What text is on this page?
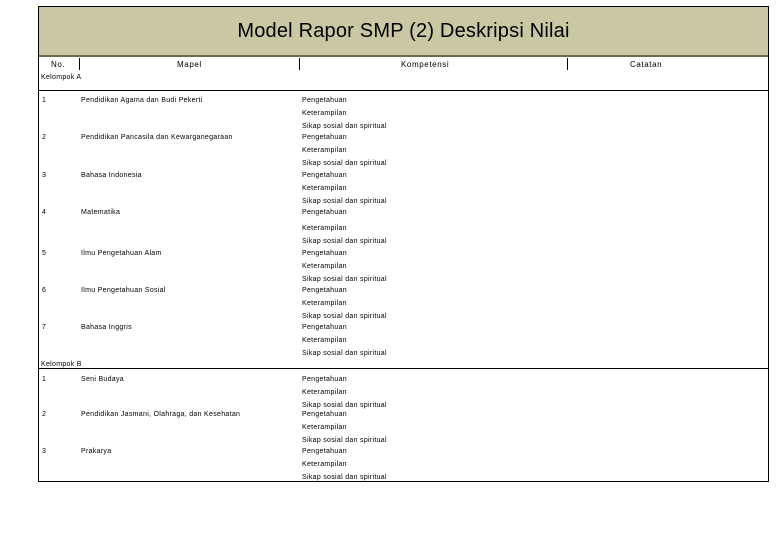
Model Rapor SMP (2) Deskripsi Nilai
No.	Mapel	Kompetensi	Catatan
Kelompok A
1	Pendidikan Agama dan Budi Pekerti	Pengetahuan
Keterampilan
Sikap sosial dan spiritual
2	Pendidikan Pancasila dan Kewarganegaraan	Pengetahuan
Keterampilan
Sikap sosial dan spiritual
3	Bahasa Indonesia	Pengetahuan
Keterampilan
Sikap sosial dan spiritual
4	Matematika	Pengetahuan
Keterampilan
Sikap sosial dan spiritual
5	Ilmu Pengetahuan Alam	Pengetahuan
Keterampilan
Sikap sosial dan spiritual
6	Ilmu Pengetahuan Sosial	Pengetahuan
Keterampilan
Sikap sosial dan spiritual
7	Bahasa Inggris	Pengetahuan
Keterampilan
Sikap sosial dan spiritual
Kelompok B
1	Seni Budaya	Pengetahuan
Keterampilan
Sikap sosial dan spiritual
2	Pendidikan Jasmani, Olahraga, dan Kesehatan	Pengetahuan
Keterampilan
Sikap sosial dan spiritual
3	Prakarya	Pengetahuan
Keterampilan
Sikap sosial dan spiritual
